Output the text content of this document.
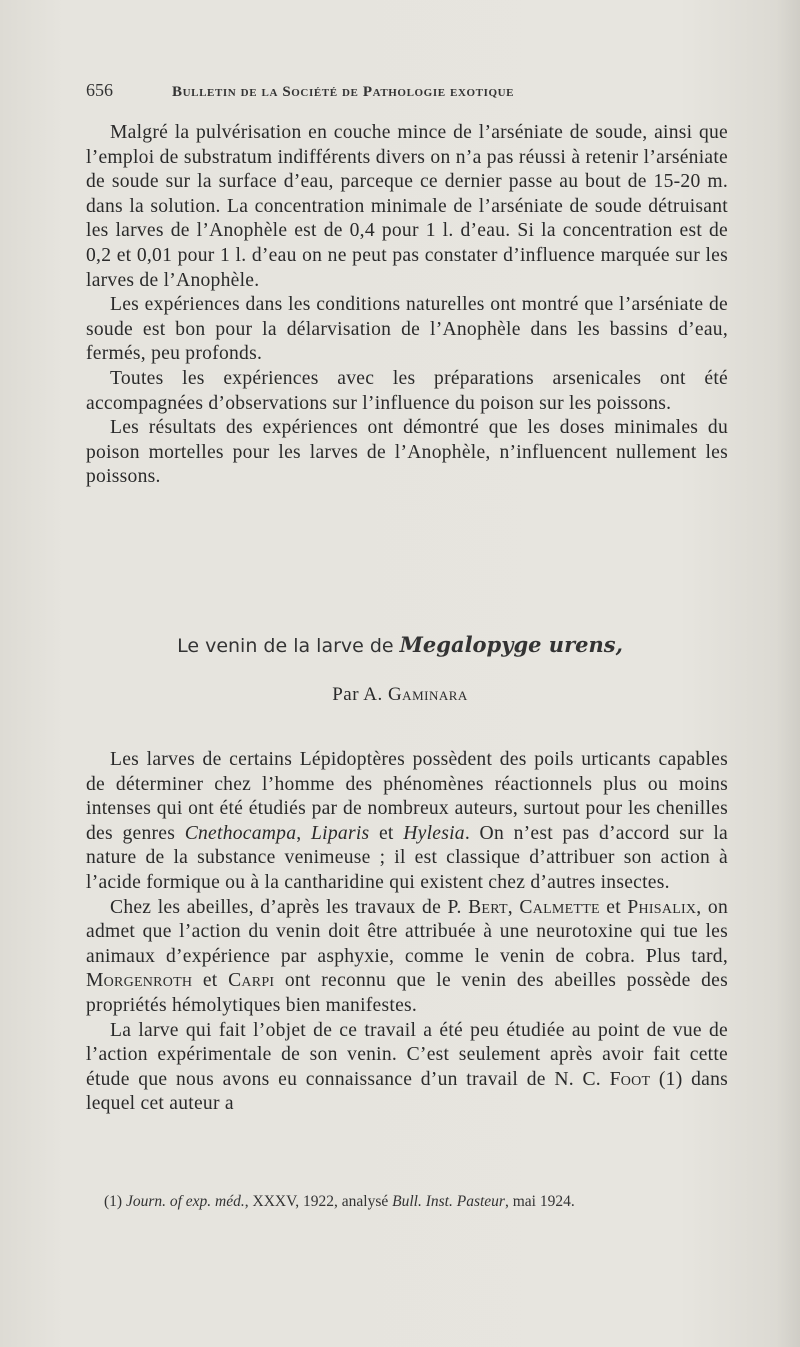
656	Bulletin de la Société de Pathologie exotique

Malgré la pulvérisation en couche mince de l’arséniate de soude, ainsi que l’emploi de substratum indifférents divers on n’a pas réussi à retenir l’arséniate de soude sur la surface d’eau, parceque ce dernier passe au bout de 15-20 m. dans la solution. La concentration minimale de l’arséniate de soude détruisant les larves de l’Anophèle est de 0,4 pour 1 l. d’eau. Si la concentration est de 0,2 et 0,01 pour 1 l. d’eau on ne peut pas constater d’influence marquée sur les larves de l’Anophèle.

Les expériences dans les conditions naturelles ont montré que l’arséniate de soude est bon pour la délarvisation de l’Anophèle dans les bassins d’eau, fermés, peu profonds.

Toutes les expériences avec les préparations arsenicales ont été accompagnées d’observations sur l’influence du poison sur les poissons.

Les résultats des expériences ont démontré que les doses minimales du poison mortelles pour les larves de l’Anophèle, n’influencent nullement les poissons.

Le venin de la larve de Megalopyge urens,
Par A. Gaminara

Les larves de certains Lépidoptères possèdent des poils urticants capables de déterminer chez l’homme des phénomènes réactionnels plus ou moins intenses qui ont été étudiés par de nombreux auteurs, surtout pour les chenilles des genres Cnethocampa, Liparis et Hylesia. On n’est pas d’accord sur la nature de la substance venimeuse ; il est classique d’attribuer son action à l’acide formique ou à la cantharidine qui existent chez d’autres insectes.

Chez les abeilles, d’après les travaux de P. Bert, Calmette et Phisalix, on admet que l’action du venin doit être attribuée à une neurotoxine qui tue les animaux d’expérience par asphyxie, comme le venin de cobra. Plus tard, Morgenroth et Carpi ont reconnu que le venin des abeilles possède des propriétés hémolytiques bien manifestes.

La larve qui fait l’objet de ce travail a été peu étudiée au point de vue de l’action expérimentale de son venin. C’est seulement après avoir fait cette étude que nous avons eu connaissance d’un travail de N. C. Foot (1) dans lequel cet auteur a

(1) Journ. of exp. méd., XXXV, 1922, analysé Bull. Inst. Pasteur, mai 1924.
